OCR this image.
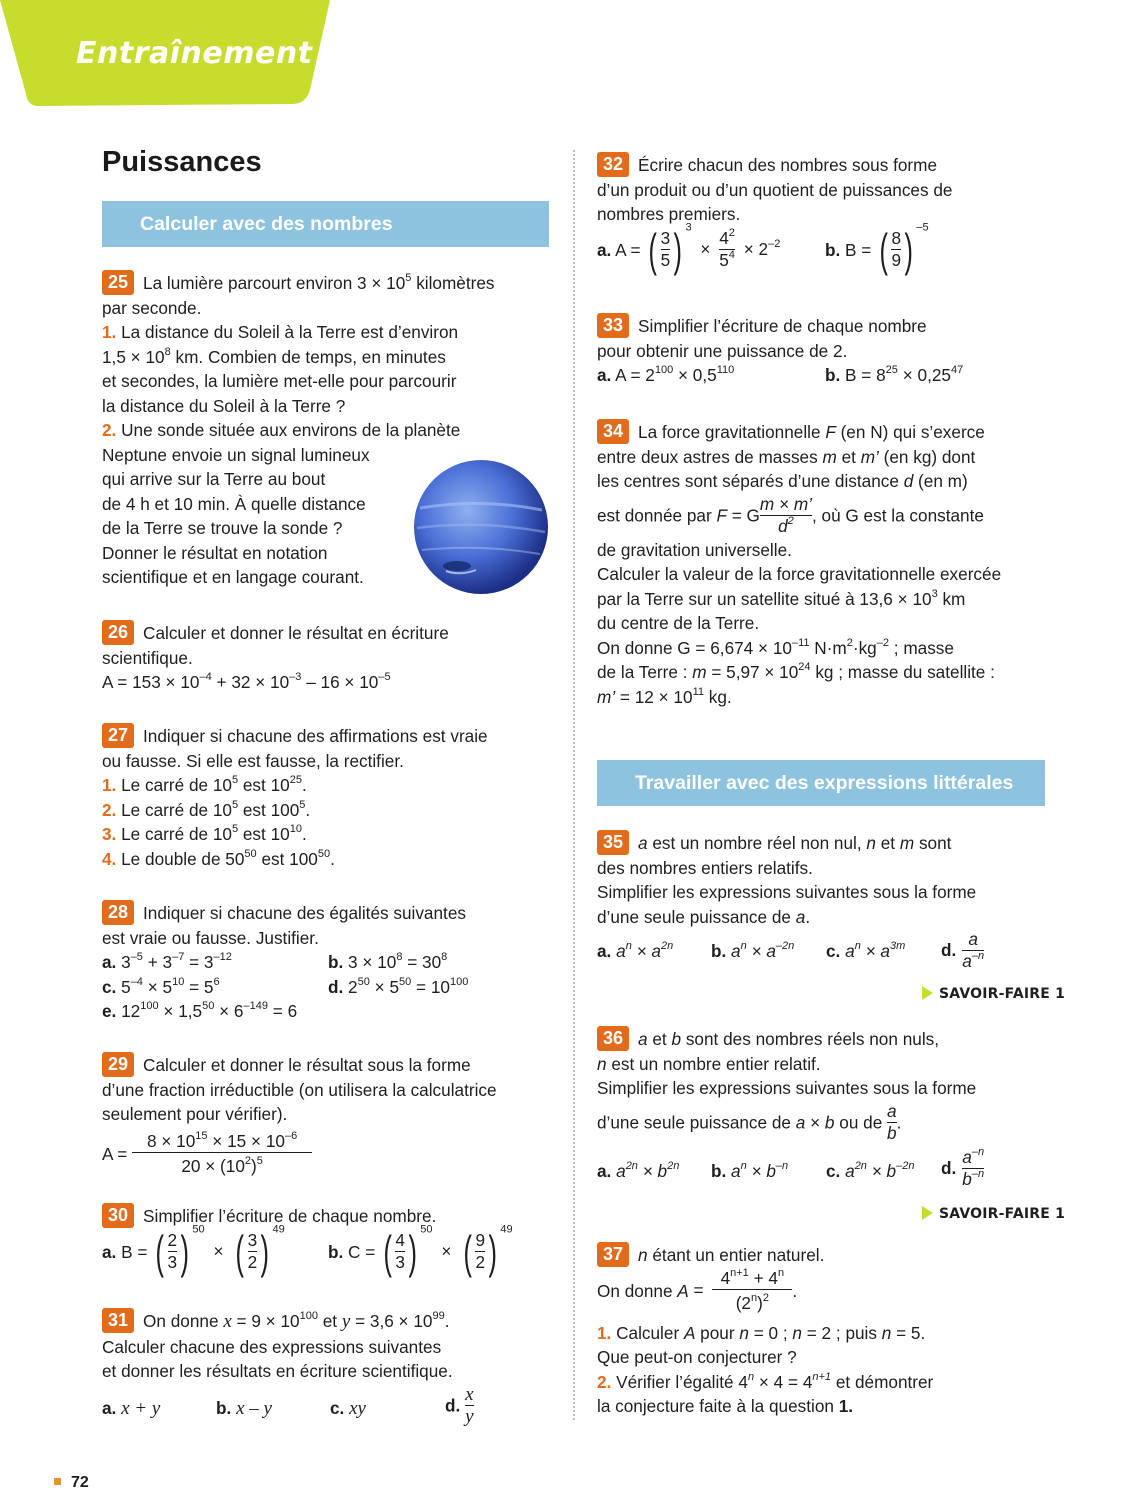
Entraînement
Puissances
Calculer avec des nombres

25 La lumière parcourt environ $3 \times 10^5$ kilomètres

par seconde.

1. La distance du Soleil à la Terre est d’environ

$1,5 \times 10^8$ km. Combien de temps, en minutes

et secondes, la lumière met-elle pour parcourir

la distance du Soleil à la Terre ?

2. Une sonde située aux environs de la planète

Neptune envoie un signal lumineux

qui arrive sur la Terre au bout

de 4 h et 10 min. À quelle distance

de la Terre se trouve la sonde ?

Donner le résultat en notation

scientifique et en langage courant.

26 Calculer et donner le résultat en écriture

scientifique.

$A = 153 \times 10^{-4} + 32 \times 10^{-3} - 16 \times 10^{-5}$

27 Indiquer si chacune des affirmations est vraie

ou fausse. Si elle est fausse, la rectifier.

1. Le carré de $10^5$ est $10^{25}$.

2. Le carré de $10^5$ est $100^5$.

3. Le carré de $10^5$ est $10^{10}$.

4. Le double de $50^{50}$ est $100^{50}$.

28 Indiquer si chacune des égalités suivantes

est vraie ou fausse. Justifier.

a. $3^{-5} + 3^{-7} = 3^{-12}$	b. $3 \times 10^8 = 30^8$
c. $5^{-4} \times 5^{10} = 5^6$	d. $2^{50} \times 5^{50} = 10^{100}$

e. $12^{100} \times 1,5^{50} \times 6^{-149} = 6$

29 Calculer et donner le résultat sous la forme

d’une fraction irréductible (on utilisera la calculatrice

seulement pour vérifier).

$A = \frac{8 \times 10^{15} \times 15 \times 10^{-6}}{20 \times (10^2)^5}$

30 Simplifier l’écriture de chaque nombre.

a. B = ( $\frac{2}{3}$ ) $^{50}$ × ( $\frac{3}{2}$ ) $^{49}$
b. C = ( $\frac{4}{3}$ ) $^{50}$ × ( $\frac{9}{2}$ ) $^{49}$

31 On donne $x = 9 \times 10^{100}$ et $y = 3,6 \times 10^{99}$.

Calculer chacune des expressions suivantes

et donner les résultats en écriture scientifique.

a. x + y	b. x – y	c. xy	d. $\frac{x}{y}$

32 Écrire chacun des nombres sous forme

d’un produit ou d’un quotient de puissances de

nombres premiers.

a. A = ( $\frac{3}{5}$ ) $^3 \times \frac{4^2}{5^4} \times 2^{-2}$	b. B = ( $\frac{8}{9}$ ) $^{-5}$

33 Simplifier l’écriture de chaque nombre

pour obtenir une puissance de 2.

a. $A = 2^{100} \times 0,5^{110}$	b. $B = 8^{25} \times 0,25^{47}$

34 La force gravitationnelle F (en N) qui s’exerce

entre deux astres de masses m et m’ (en kg) dont

les centres sont séparés d’une distance d (en m)

est donnée par F = G $\frac{m \times m’}{d^2}$ , où G est la constante

de gravitation universelle.

Calculer la valeur de la force gravitationnelle exercée

par la Terre sur un satellite situé à $13,6 \times 10^3$ km

du centre de la Terre.

On donne $G = 6,674 \times 10^{-11}$ $N\cdot m^2\cdot kg^{-2}$ ; masse

de la Terre : $m = 5,97 \times 10^{24}$ kg ; masse du satellite :

m’ = $12 \times 10^{11}$ kg.

Travailler avec des expressions littérales

35 a est un nombre réel non nul, n et m sont

des nombres entiers relatifs.

Simplifier les expressions suivantes sous la forme

d’une seule puissance de a.

a. $a^n \times a^{2n}$ b. $a^n \times a^{-2n}$ c. $a^n \times a^{3m}$ d. $\frac{a}{a^{-n}}$
SAVOIR-FAIRE 1

36 a et b sont des nombres réels non nuls,

n est un nombre entier relatif.

Simplifier les expressions suivantes sous la forme

d’une seule puissance de a × b ou de $\frac{a}{b}$ .
a. $a^{2n} \times b^{2n}$ b. $a^n \times b^{-n}$ c. $a^{2n} \times b^{-2n}$ d. $\frac{a^{-n}}{b^{-n}}$
SAVOIR-FAIRE 1

37 n étant un entier naturel.

On donne $A = \frac{4^{n+1} + 4^n}{(2^n)^2}$ .

1. Calculer A pour n = 0 ; n = 2 ; puis n = 5.

Que peut-on conjecturer ?

2. Vérifier l’égalité $4^n \times 4 = 4^{n+1}$ et démontrer

la conjecture faite à la question 1.

72
